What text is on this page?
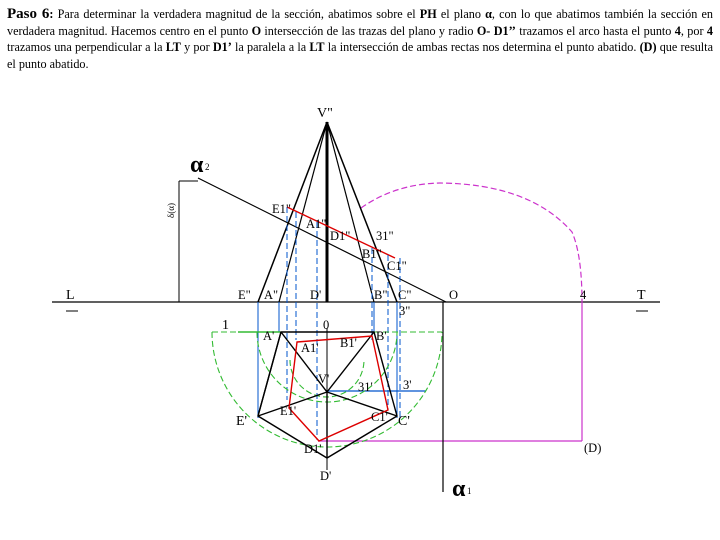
Paso 6: Para determinar la verdadera magnitud de la sección, abatimos sobre el PH el plano α, con lo que abatimos también la sección en verdadera magnitud. Hacemos centro en el punto O intersección de las trazas del plano y radio O- D1’’ trazamos el arco hasta el punto 4, por 4 trazamos una perpendicular a la LT y por D1’ la paralela a la LT la intersección de ambas rectas nos determina el punto abatido. (D) que resulta el punto abatido.
V"
α 2
δ(α)	E1"
A1"
D1" 31"
B1"
C1"
L	E" A"	D'	B" C"	O	4	T
3"
1	0
A'	B'
A1' B1'
V'
31' 3'
E'
E1'	C1' C'
D1'
D'
(D)
α 1
